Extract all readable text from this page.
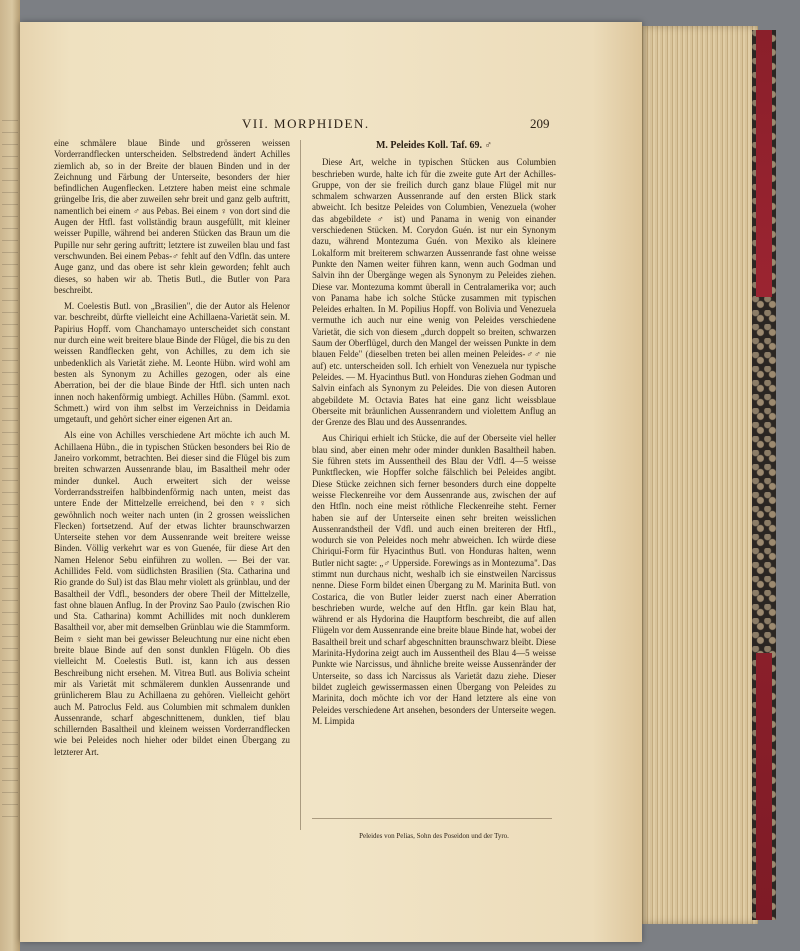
VII. MORPHIDEN.	209

eine schmälere blaue Binde und grösseren weissen Vorderrandflecken unterscheiden. Selbstredend ändert Achilles ziemlich ab, so in der Breite der blauen Binden und in der Zeichnung und Färbung der Unterseite, besonders der hier befindlichen Augenflecken. Letztere haben meist eine schmale grüngelbe Iris, die aber zuweilen sehr breit und ganz gelb auftritt, namentlich bei einem ♂ aus Pebas. Bei einem ♀ von dort sind die Augen der Htfl. fast vollständig braun ausgefüllt, mit kleiner weisser Pupille, während bei anderen Stücken das Braun um die Pupille nur sehr gering auftritt; letztere ist zuweilen blau und fast verschwunden. Bei einem Pebas-♂ fehlt auf den Vdfln. das untere Auge ganz, und das obere ist sehr klein geworden; fehlt auch dieses, so haben wir ab. Thetis Butl., die Butler von Para beschreibt.

M. Coelestis Butl. von „Brasilien", die der Autor als Helenor var. beschreibt, dürfte vielleicht eine Achillaena-Varietät sein. M. Papirius Hopff. vom Chanchamayo unterscheidet sich constant nur durch eine weit breitere blaue Binde der Flügel, die bis zu den weissen Randflecken geht, von Achilles, zu dem ich sie unbedenklich als Varietät ziehe. M. Leonte Hübn. wird wohl am besten als Synonym zu Achilles gezogen, oder als eine Aberration, bei der die blaue Binde der Htfl. sich unten nach innen noch hakenförmig umbiegt. Achilles Hübn. (Samml. exot. Schmett.) wird von ihm selbst im Verzeichniss in Deidamia umgetauft, und gehört sicher einer eigenen Art an.

Als eine von Achilles verschiedene Art möchte ich auch M. Achillaena Hübn., die in typischen Stücken besonders bei Rio de Janeiro vorkommt, betrachten. Bei dieser sind die Flügel bis zum breiten schwarzen Aussenrande blau, im Basaltheil mehr oder minder dunkel. Auch erweitert sich der weisse Vorderrandsstreifen halbbindenförmig nach unten, meist das untere Ende der Mittelzelle erreichend, bei den ♀♀ sich gewöhnlich noch weiter nach unten (in 2 grossen weisslichen Flecken) fortsetzend. Auf der etwas lichter braunschwarzen Unterseite stehen vor dem Aussenrande weit breitere weisse Binden. Völlig verkehrt war es von Guenée, für diese Art den Namen Helenor Sebu einführen zu wollen. — Bei der var. Achillides Feld. vom südlichsten Brasilien (Sta. Catharina und Rio grande do Sul) ist das Blau mehr violett als grünblau, und der Basaltheil der Vdfl., besonders der obere Theil der Mittelzelle, fast ohne blauen Anflug. In der Provinz Sao Paulo (zwischen Rio und Sta. Catharina) kommt Achillides mit noch dunklerem Basaltheil vor, aber mit demselben Grünblau wie die Stammform. Beim ♀ sieht man bei gewisser Beleuchtung nur eine nicht eben breite blaue Binde auf den sonst dunklen Flügeln. Ob dies vielleicht M. Coelestis Butl. ist, kann ich aus dessen Beschreibung nicht ersehen. M. Vitrea Butl. aus Bolivia scheint mir als Varietät mit schmälerem dunklen Aussenrande und grünlicherem Blau zu Achillaena zu gehören. Vielleicht gehört auch M. Patroclus Feld. aus Columbien mit schmalem dunklen Aussenrande, scharf abgeschnittenem, dunklen, tief blau schillernden Basaltheil und kleinem weissen Vorderrandflecken wie bei Peleides noch hieher oder bildet einen Übergang zu letzterer Art.

M. Peleides Koll. Taf. 69. ♂

Diese Art, welche in typischen Stücken aus Columbien beschrieben wurde, halte ich für die zweite gute Art der Achilles-Gruppe, von der sie freilich durch ganz blaue Flügel mit nur schmalem schwarzen Aussenrande auf den ersten Blick stark abweicht. Ich besitze Peleides von Columbien, Venezuela (woher das abgebildete ♂ ist) und Panama in wenig von einander verschiedenen Stücken. M. Corydon Guén. ist nur ein Synonym dazu, während Montezuma Guén. von Mexiko als kleinere Lokalform mit breiterem schwarzen Aussenrande fast ohne weisse Punkte den Namen weiter führen kann, wenn auch Godman und Salvin ihn der Übergänge wegen als Synonym zu Peleides ziehen. Diese var. Montezuma kommt überall in Centralamerika vor; auch von Panama habe ich solche Stücke zusammen mit typischen Peleides erhalten. In M. Popilius Hopff. von Bolivia und Venezuela vermuthe ich auch nur eine wenig von Peleides verschiedene Varietät, die sich von diesem „durch doppelt so breiten, schwarzen Saum der Oberflügel, durch den Mangel der weissen Punkte in dem blauen Felde" (dieselben treten bei allen meinen Peleides-♂♂ nie auf) etc. unterscheiden soll. Ich erhielt von Venezuela nur typische Peleides. — M. Hyacinthus Butl. von Honduras ziehen Godman und Salvin einfach als Synonym zu Peleides. Die von diesen Autoren abgebildete M. Octavia Bates hat eine ganz licht weissblaue Oberseite mit bräunlichen Aussenrandern und violettem Anflug an der Grenze des Blau und des Aussenrandes.

Aus Chiriqui erhielt ich Stücke, die auf der Oberseite viel heller blau sind, aber einen mehr oder minder dunklen Basaltheil haben. Sie führen stets im Aussentheil des Blau der Vdfl. 4—5 weisse Punktflecken, wie Hopffer solche fälschlich bei Peleides angibt. Diese Stücke zeichnen sich ferner besonders durch eine doppelte weisse Fleckenreihe vor dem Aussenrande aus, zwischen der auf den Htfln. noch eine meist röthliche Fleckenreihe steht. Ferner haben sie auf der Unterseite einen sehr breiten weisslichen Aussenrandstheil der Vdfl. und auch einen breiteren der Htfl., wodurch sie von Peleides noch mehr abweichen. Ich würde diese Chiriqui-Form für Hyacinthus Butl. von Honduras halten, wenn Butler nicht sagte: „♂ Upperside. Forewings as in Montezuma". Das stimmt nun durchaus nicht, weshalb ich sie einstweilen Narcissus nenne. Diese Form bildet einen Übergang zu M. Marinita Butl. von Costarica, die von Butler leider zuerst nach einer Aberration beschrieben wurde, welche auf den Htfln. gar kein Blau hat, während er als Hydorina die Hauptform beschreibt, die auf allen Flügeln vor dem Aussenrande eine breite blaue Binde hat, wobei der Basaltheil breit und scharf abgeschnitten braunschwarz bleibt. Diese Marinita-Hydorina zeigt auch im Aussentheil des Blau 4—5 weisse Punkte wie Narcissus, und ähnliche breite weisse Aussenränder der Unterseite, so dass ich Narcissus als Varietät dazu ziehe. Dieser bildet zugleich gewissermassen einen Übergang von Peleides zu Marinita, doch möchte ich vor der Hand letztere als eine von Peleides verschiedene Art ansehen, besonders der Unterseite wegen. M. Limpida

Peleides von Pelias, Sohn des Poseidon und der Tyro.
